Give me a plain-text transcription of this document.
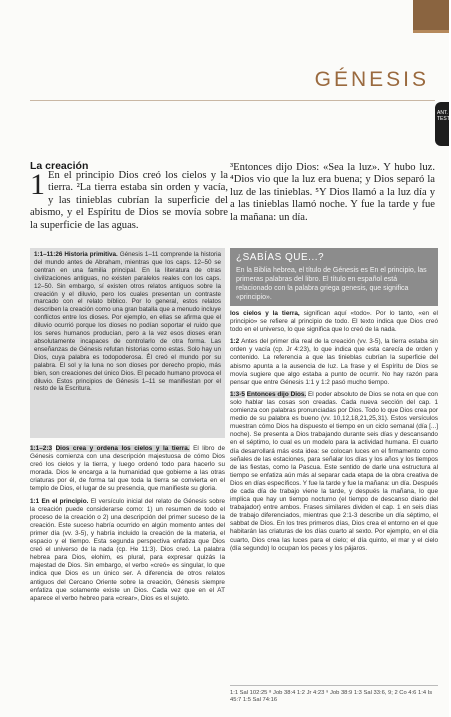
GÉNESIS
ANT. TEST.
La creación
1 En el principio Dios creó los cielos y la tierra. ²La tierra estaba sin orden y vacía, y las tinieblas cubrían la superficie del abismo, y el Espíritu de Dios se movía sobre la superficie de las aguas.
³Entonces dijo Dios: «Sea la luz». Y hubo luz. ⁴Dios vio que la luz era buena; y Dios separó la luz de las tinieblas. ⁵Y Dios llamó a la luz día y a las tinieblas llamó noche. Y fue la tarde y fue la mañana: un día.
1:1–11:26 Historia primitiva. Génesis 1–11 comprende la historia del mundo antes de Abraham, mientras que los caps. 12–50 se centran en una familia principal. En la literatura de otras civilizaciones antiguas, no existen paralelos reales con los caps. 12–50. Sin embargo, sí existen otros relatos antiguos sobre la creación y el diluvio, pero los cuales presentan un contraste marcado con el relato bíblico. Por lo general, estos relatos describen la creación como una gran batalla que a menudo incluye conflictos entre los dioses. Por ejemplo, en ellas se afirma que el diluvio ocurrió porque los dioses no podían soportar el ruido que los seres humanos producían, pero a la vez esos dioses eran absolutamente incapaces de controlarlo de otra forma. Las enseñanzas de Génesis refutan historias como estas. Solo hay un Dios, cuya palabra es todopoderosa. Él creó el mundo por su palabra. El sol y la luna no son dioses por derecho propio, más bien, son creaciones del único Dios. El pecado humano provoca el diluvio. Estos principios de Génesis 1–11 se manifiestan por el resto de la Escritura.
¿SABÍAS QUE...?
En la Biblia hebrea, el título de Génesis es En el principio, las primeras palabras del libro. El título en español está relacionado con la palabra griega genesis, que significa «principio».

1:1–2:3 Dios crea y ordena los cielos y la tierra. El libro de Génesis comienza con una descripción majestuosa de cómo Dios creó los cielos y la tierra, y luego ordenó todo para hacerlo su morada. Dios le encarga a la humanidad que gobierne a las otras criaturas por él, de forma tal que toda la tierra se convierta en el templo de Dios, el lugar de su presencia, que manifieste su gloria.

1:1 En el principio. El versículo inicial del relato de Génesis sobre la creación puede considerarse como: 1) un resumen de todo el proceso de la creación o 2) una descripción del primer suceso de la creación. Este suceso habría ocurrido en algún momento antes del primer día (vv. 3-5), y habría incluido la creación de la materia, el espacio y el tiempo. Esta segunda perspectiva enfatiza que Dios creó el universo de la nada (cp. He 11:3). Dios creó. La palabra hebrea para Dios, elohim, es plural, para expresar quizás la majestad de Dios. Sin embargo, el verbo «creó» es singular, lo que indica que Dios es un único ser. A diferencia de otros relatos antiguos del Cercano Oriente sobre la creación, Génesis siempre enfatiza que solamente existe un Dios. Cada vez que en el AT aparece el verbo hebreo para «crear», Dios es el sujeto.

los cielos y la tierra, significan aquí «todo». Por lo tanto, «en el principio» se refiere al principio de todo. El texto indica que Dios creó todo en el universo, lo que significa que lo creó de la nada.

1:2 Antes del primer día real de la creación (vv. 3-5), la tierra estaba sin orden y vacía (cp. Jr 4:23), lo que indica que esta carecía de orden y contenido. La referencia a que las tinieblas cubrían la superficie del abismo apunta a la ausencia de luz. La frase y el Espíritu de Dios se movía sugiere que algo estaba a punto de ocurrir. No hay razón para pensar que entre Génesis 1:1 y 1:2 pasó mucho tiempo.

1:3-5 Entonces dijo Dios. El poder absoluto de Dios se nota en que con solo hablar las cosas son creadas. Cada nueva sección del cap. 1 comienza con palabras pronunciadas por Dios. Todo lo que Dios crea por medio de su palabra es bueno (vv. 10,12,18,21,25,31). Estos versículos muestran cómo Dios ha dispuesto el tiempo en un ciclo semanal (día [...] noche). Se presenta a Dios trabajando durante seis días y descansando en el séptimo, lo cual es un modelo para la actividad humana. El cuarto día desarrollará más esta idea: se colocan luces en el firmamento como señales de las estaciones, para señalar los días y los años y los tiempos de las fiestas, como la Pascua. Este sentido de darle una estructura al tiempo se enfatiza aún más al separar cada etapa de la obra creativa de Dios en días específicos. Y fue la tarde y fue la mañana: un día. Después de cada día de trabajo viene la tarde, y después la mañana, lo que implica que hay un tiempo nocturno (el tiempo de descanso diario del trabajador) entre ambos. Frases similares dividen el cap. 1 en seis días de trabajo diferenciados, mientras que 2:1-3 describe un día séptimo, el sabbat de Dios. En los tres primeros días, Dios crea el entorno en el que habitarán las criaturas de los días cuarto al sexto. Por ejemplo, en el día cuarto, Dios crea las luces para el cielo; el día quinto, el mar y el cielo (día segundo) lo ocupan los peces y los pájaros.

1:1 Sal 102:25 ⁸ Job 38:4 1:2 Jr 4:23 ⁹ Job 38:9 1:3 Sal 33:6, 9; 2 Co 4:6 1:4 Is 45:7 1:5 Sal 74:16
